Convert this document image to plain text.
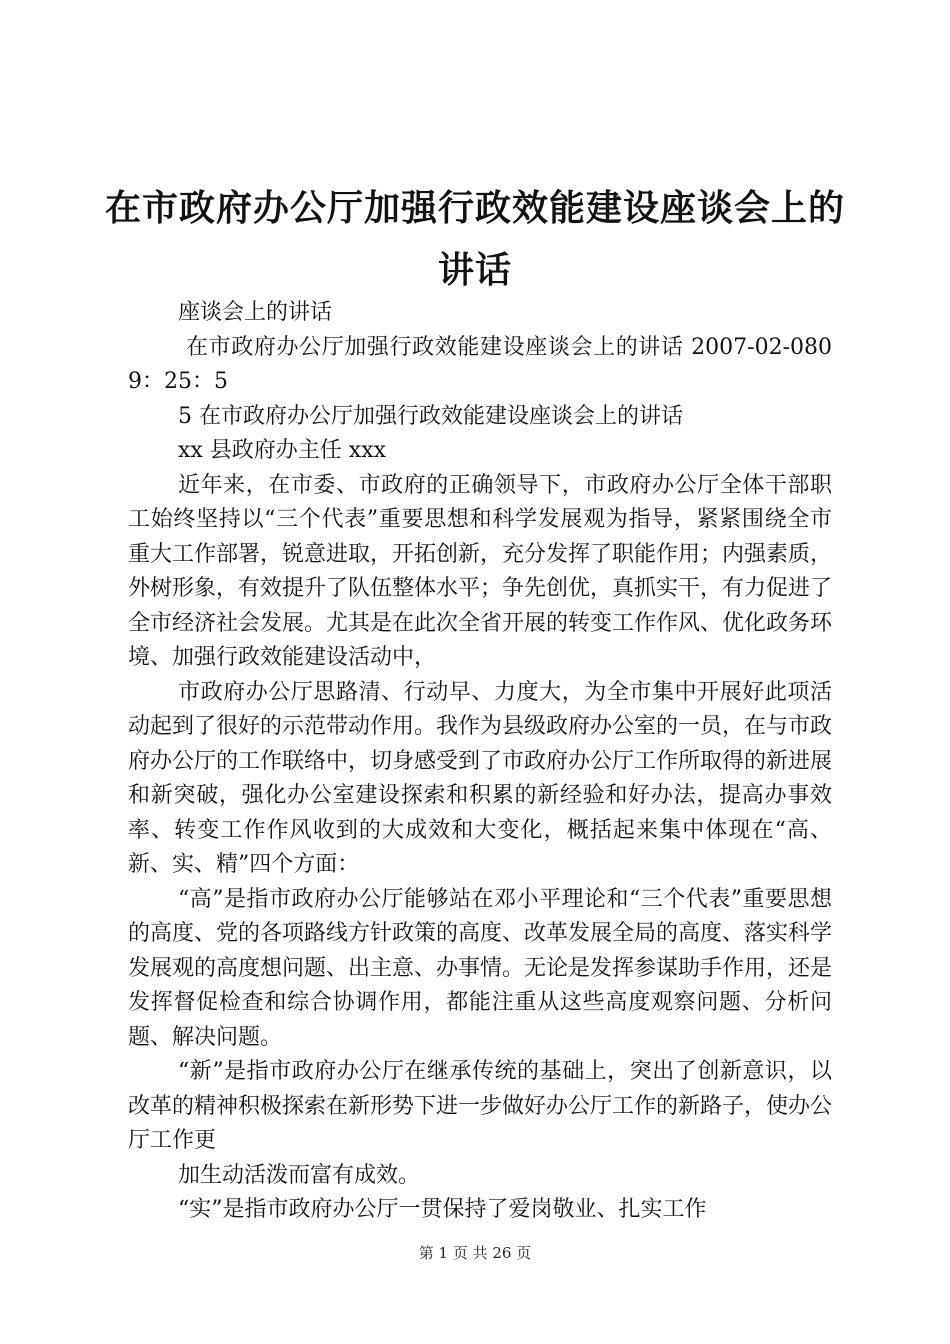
在市政府办公厅加强行政效能建设座谈会上的
讲话

座谈会上的讲话

在市政府办公厅加强行政效能建设座谈会上的讲话 2007-02-0809：25：5

5 在市政府办公厅加强行政效能建设座谈会上的讲话

xx 县政府办主任 xxx

近年来，在市委、市政府的正确领导下，市政府办公厅全体干部职工始终坚持以“三个代表”重要思想和科学发展观为指导，紧紧围绕全市重大工作部署，锐意进取，开拓创新，充分发挥了职能作用；内强素质，外树形象，有效提升了队伍整体水平；争先创优，真抓实干，有力促进了全市经济社会发展。尤其是在此次全省开展的转变工作作风、优化政务环境、加强行政效能建设活动中，

市政府办公厅思路清、行动早、力度大，为全市集中开展好此项活动起到了很好的示范带动作用。我作为县级政府办公室的一员，在与市政府办公厅的工作联络中，切身感受到了市政府办公厅工作所取得的新进展和新突破，强化办公室建设探索和积累的新经验和好办法，提高办事效率、转变工作作风收到的大成效和大变化，概括起来集中体现在“高、新、实、精”四个方面：

“高”是指市政府办公厅能够站在邓小平理论和“三个代表”重要思想的高度、党的各项路线方针政策的高度、改革发展全局的高度、落实科学发展观的高度想问题、出主意、办事情。无论是发挥参谋助手作用，还是发挥督促检查和综合协调作用，都能注重从这些高度观察问题、分析问题、解决问题。

“新”是指市政府办公厅在继承传统的基础上，突出了创新意识，以改革的精神积极探索在新形势下进一步做好办公厅工作的新路子，使办公厅工作更

加生动活泼而富有成效。

“实”是指市政府办公厅一贯保持了爱岗敬业、扎实工作

第 1 页 共 26 页
